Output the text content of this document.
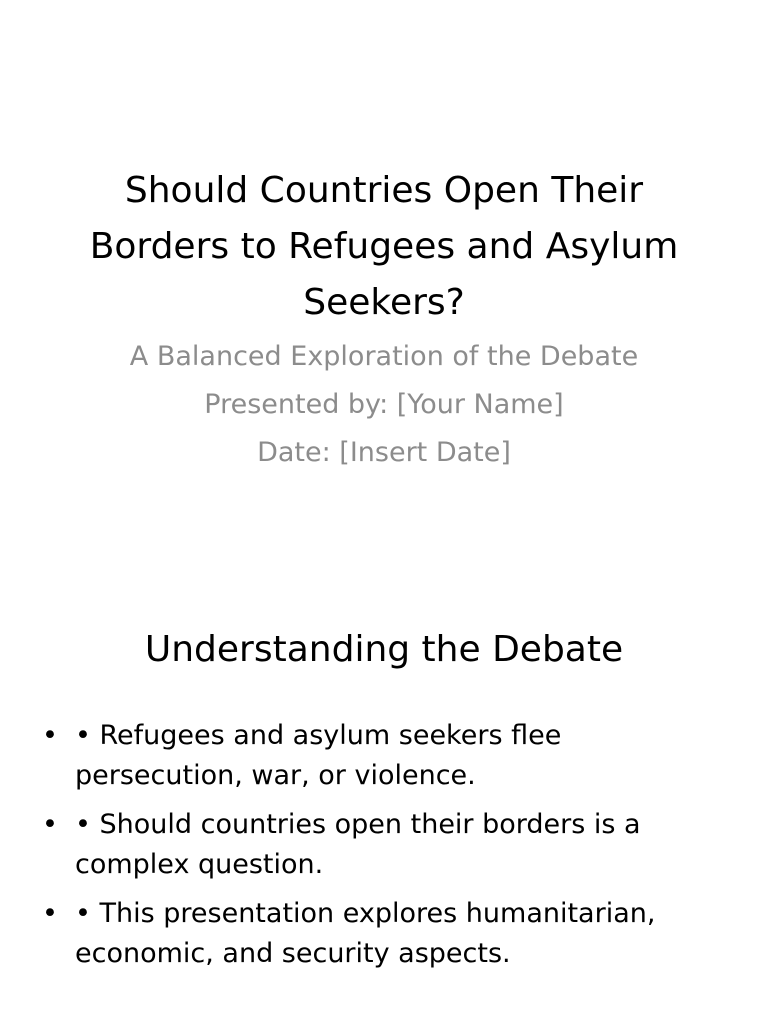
Should Countries Open Their Borders to Refugees and Asylum Seekers?
A Balanced Exploration of the Debate
Presented by: [Your Name]
Date: [Insert Date]
Understanding the Debate
• • Refugees and asylum seekers flee persecution, war, or violence.
• • Should countries open their borders is a complex question.
• • This presentation explores humanitarian, economic, and security aspects.
